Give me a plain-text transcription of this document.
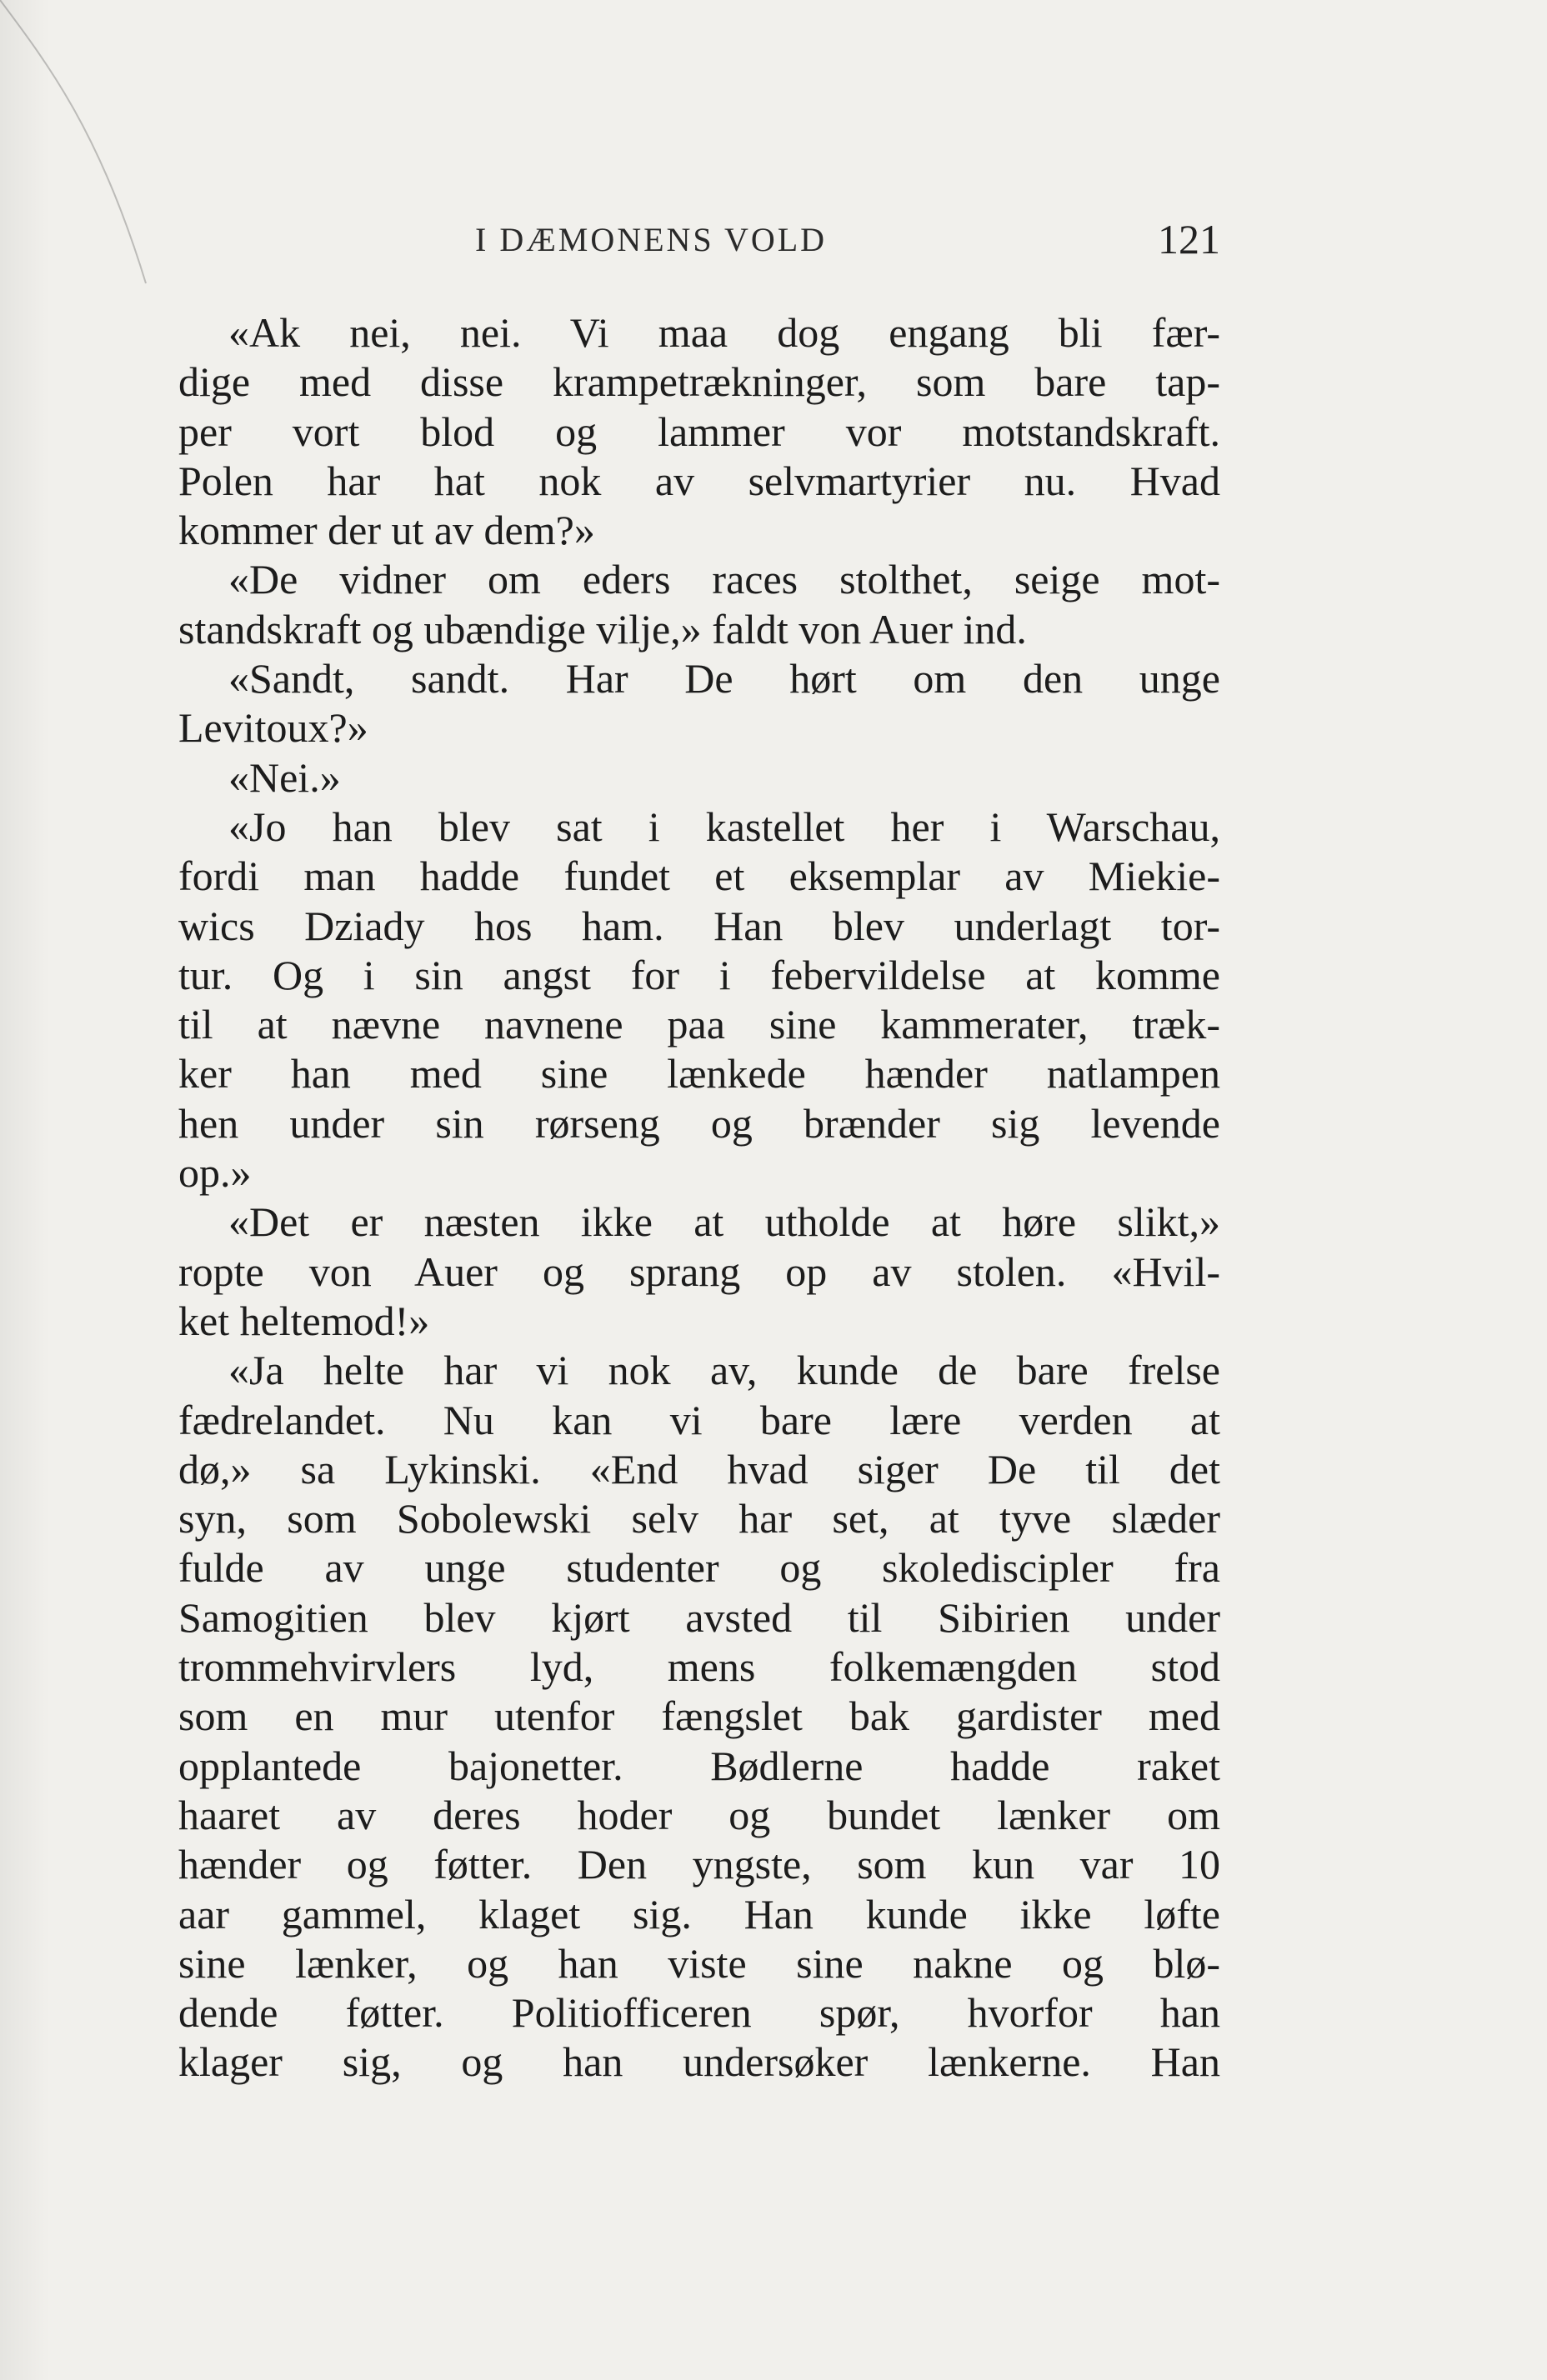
I DÆMONENS VOLD	121
«Ak nei, nei. Vi maa dog engang bli fær-
dige med disse krampetrækninger, som bare tap-
per vort blod og lammer vor motstandskraft.
Polen har hat nok av selvmartyrier nu. Hvad
kommer der ut av dem?»
«De vidner om eders races stolthet, seige mot-
standskraft og ubændige vilje,» faldt von Auer ind.
«Sandt, sandt. Har De hørt om den unge
Levitoux?»
«Nei.»
«Jo han blev sat i kastellet her i Warschau,
fordi man hadde fundet et eksemplar av Miekie-
wics Dziady hos ham. Han blev underlagt tor-
tur. Og i sin angst for i febervildelse at komme
til at nævne navnene paa sine kammerater, træk-
ker han med sine lænkede hænder natlampen
hen under sin rørseng og brænder sig levende
op.»
«Det er næsten ikke at utholde at høre slikt,»
ropte von Auer og sprang op av stolen. «Hvil-
ket heltemod!»
«Ja helte har vi nok av, kunde de bare frelse
fædrelandet. Nu kan vi bare lære verden at
dø,» sa Lykinski. «End hvad siger De til det
syn, som Sobolewski selv har set, at tyve slæder
fulde av unge studenter og skolediscipler fra
Samogitien blev kjørt avsted til Sibirien under
trommehvirvlers lyd, mens folkemængden stod
som en mur utenfor fængslet bak gardister med
opplantede bajonetter. Bødlerne hadde raket
haaret av deres hoder og bundet lænker om
hænder og føtter. Den yngste, som kun var 10
aar gammel, klaget sig. Han kunde ikke løfte
sine lænker, og han viste sine nakne og blø-
dende føtter. Politiofficeren spør, hvorfor han
klager sig, og han undersøker lænkerne. Han
